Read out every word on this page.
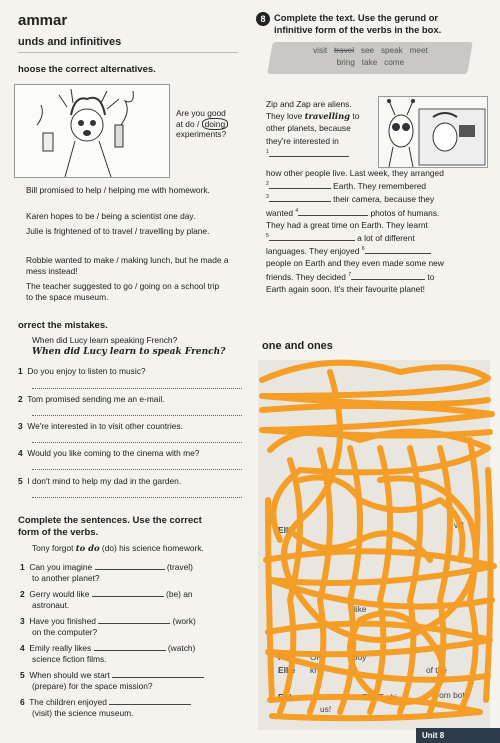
ammar
unds and infinitives
hoose the correct alternatives.
Are you good
at do / doing
experiments?
Bill promised to help / helping me with homework.
Karen hopes to be / being a scientist one day.
Julie is frightened of to travel / travelling by plane.
Robbie wanted to make / making lunch, but he made a mess instead!
The teacher suggested to go / going on a school trip to the space museum.
orrect the mistakes.
When did Lucy learn speaking French?
When did Lucy learn to speak French?
1 Do you enjoy to listen to music?
2 Tom promised sending me an e-mail.
3 We're interested in to visit other countries.
4 Would you like coming to the cinema with me?
5 I don't mind to help my dad in the garden.
Complete the sentences. Use the correct
form of the verbs.
Tony forgot to do (do) his science homework.
1 Can you imagine	(travel)
to another planet?
2 Gerry would like	(be) an
astronaut.
3 Have you finished	(work)
on the computer?
4 Emily really likes	(watch)
science fiction films.
5 When should we start
(prepare) for the space mission?
6 The children enjoyed
(visit) the science museum.
8 Complete the text. Use the gerund or
infinitive form of the verbs in the box.
visit travel see speak meet
bring take come
Zip and Zap are aliens.
They love travelling to
other planets, because
they're interested in
$^1$
how other people live. Last week, they arranged
$^2$	Earth. They remembered
$^3$	their camera, because they
wanted $^4$	photos of humans.
They had a great time on Earth. They learnt
$^5$	a lot of different
languages. They enjoyed $^6$
people on Earth and they even made some new
friends. They decided $^7$	to
Earth again soon. It's their favourite planet!
one and ones
Elli
Ro
Ellie
Rob
Buy
OK.
of the
kno
The T-shi	from both
us!
like
ed
vill
Unit 8
